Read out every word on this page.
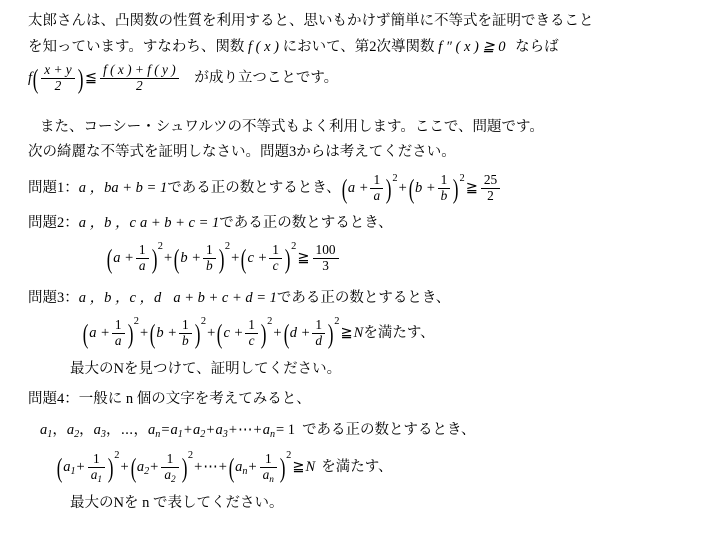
太郎さんは、凸関数の性質を利用すると、思いもかけず簡単に不等式を証明できること
を知っています。すなわち、関数 f ( x ) において、第2次導関数 f ″ ( x ) ≧ 0 ならば
$f( \frac{x + y}{2}$ ) ≦ $\frac{f ( x ) + f ( y )}{2}$ が成り立つことです。
また、コーシー・シュワルツの不等式もよく利用します。ここで、問題です。
次の綺麗な不等式を証明しなさい。問題3からは考えてください。
問題1：a ，ba + b = 1である正の数とするとき、$(a + \frac{1}{a} )2+(b + \frac{1}{b}$ )2≧ $\frac{25}{2}$
問題2：a ，b ，c a + b + c = 1である正の数とするとき、
$(a + \frac{1}{a} )2+(b + \frac{1}{b} )2+(c + \frac{1}{c}$ )2≧ $\frac{100}{3}$
問題3：a ，b ，c ，d a + b + c + d = 1である正の数とするとき、
$(a + \frac{1}{a} )2+(b + \frac{1}{b} )2+(c + \frac{1}{c} )2+(d + \frac{1}{d}$ )2≧Nを満たす、
最大のNを見つけて、証明してください。
問題4：一般に n 個の文字を考えてみると、
a1，a2，a3，⋯，an=a1+a2+a3+⋯+an= 1 である正の数とするとき、
$(a1+ \frac{1}{a1} )2+(a2+ \frac{1}{a2}$ )2+⋯+(an+ $\frac{1}{an}$ )2≧N を満たす、
最大のNを n で表してください。
